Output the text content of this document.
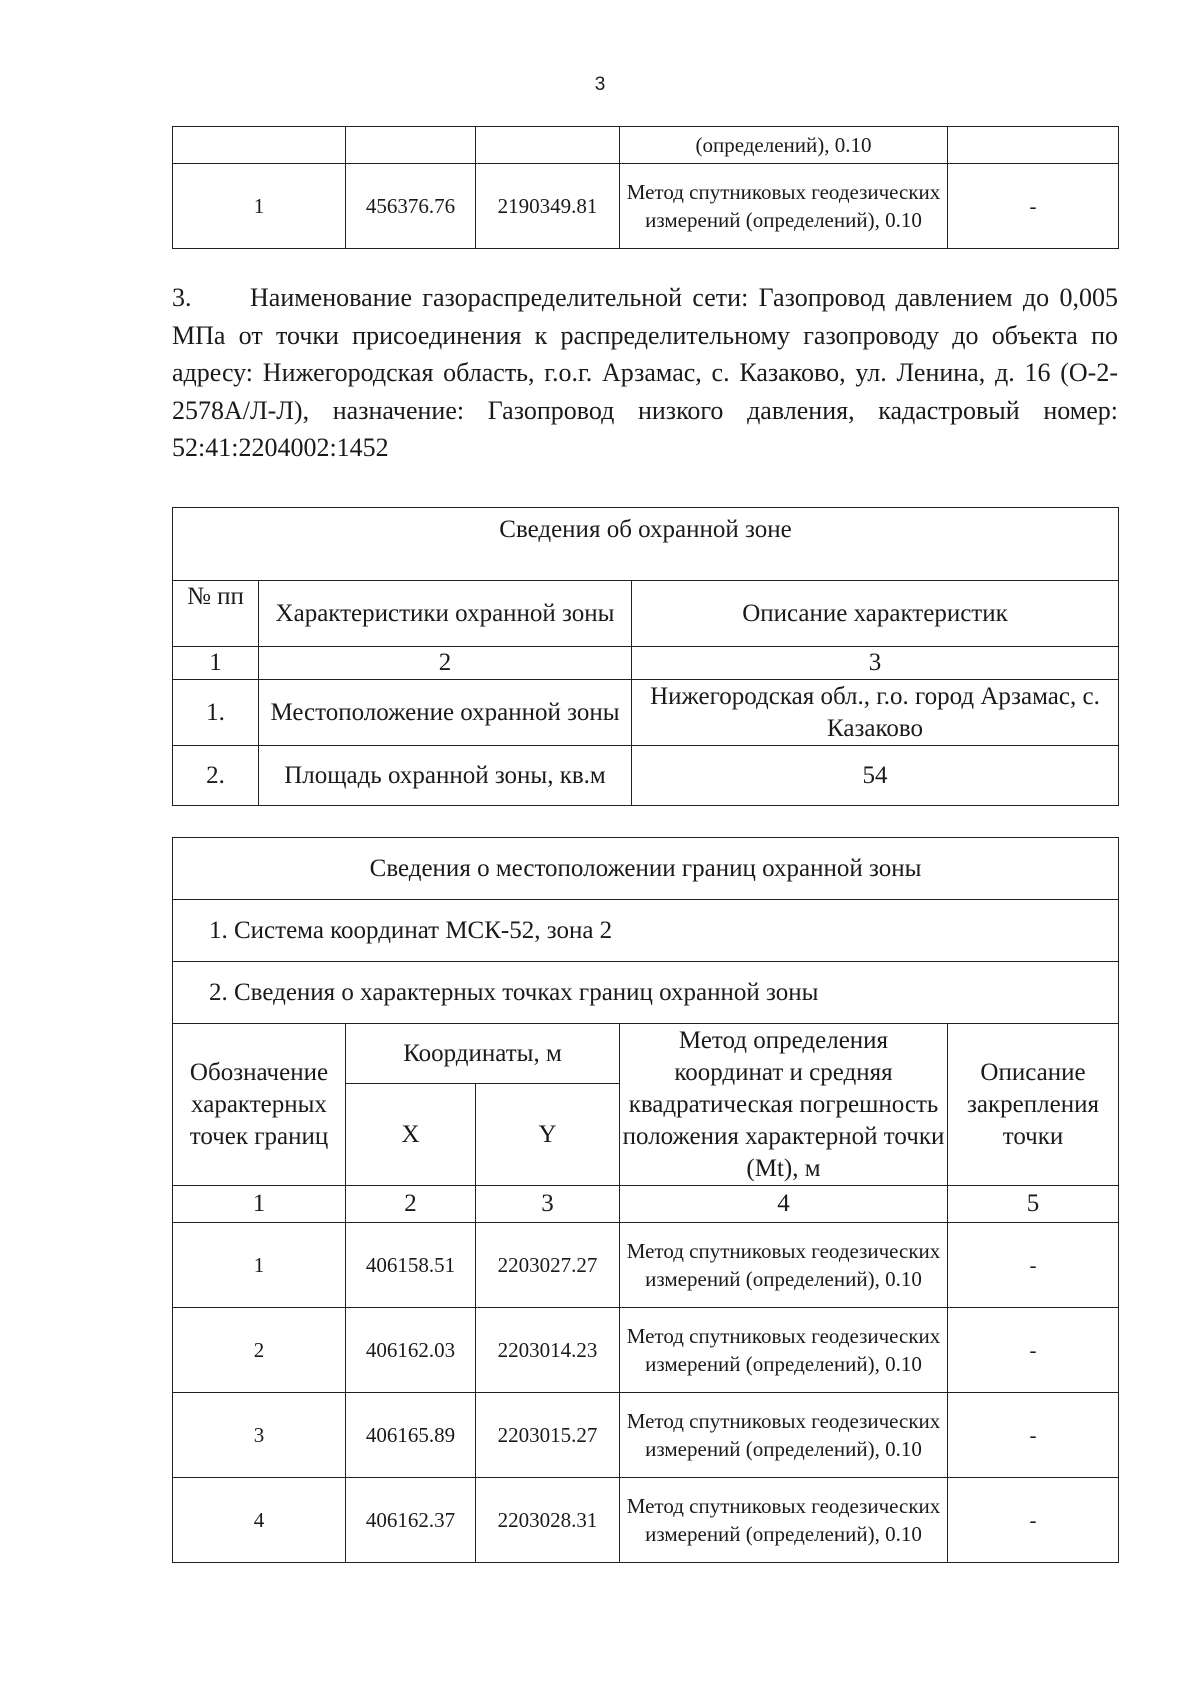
3
			(определений), 0.10	
1	456376.76	2190349.81	Метод спутниковых геодезических измерений (определений), 0.10	-
3. Наименование газораспределительной сети: Газопровод давлением до 0,005 МПа от точки присоединения к распределительному газопроводу до объекта по адресу: Нижегородская область, г.о.г. Арзамас, с. Казаково, ул. Ленина, д. 16 (О-2-2578А/Л-Л), назначение: Газопровод низкого давления, кадастровый номер: 52:41:2204002:1452
Сведения об охранной зоне		
№ пп	Характеристики охранной зоны	Описание характеристик
1	2	3
1.	Местоположение охранной зоны	Нижегородская обл., г.о. город Арзамас, с. Казаково
2.	Площадь охранной зоны, кв.м	54
Сведения о местоположении границ охранной зоны				
1. Система координат МСК-52, зона 2				
2. Сведения о характерных точках границ охранной зоны				
Обозначение характерных точек границ	Координаты, м		Метод определения координат и средняя квадратическая погрешность положения характерной точки (Mt), м	Описание закрепления точки
	X	Y		
1	2	3	4	5
1	406158.51	2203027.27	Метод спутниковых геодезических измерений (определений), 0.10	-
2	406162.03	2203014.23	Метод спутниковых геодезических измерений (определений), 0.10	-
3	406165.89	2203015.27	Метод спутниковых геодезических измерений (определений), 0.10	-
4	406162.37	2203028.31	Метод спутниковых геодезических измерений (определений), 0.10	-
